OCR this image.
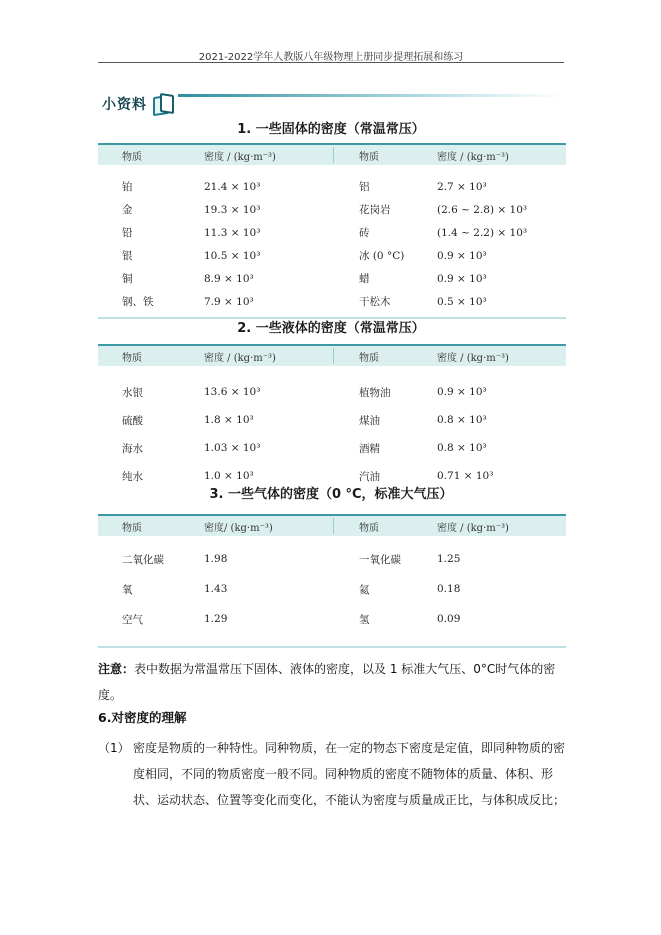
2021-2022学年人教版八年级物理上册同步提理拓展和练习
小资料
1. 一些固体的密度（常温常压）
物质	密度 / (kg·m⁻³)	物质	密度 / (kg·m⁻³)
铂	21.4 × 10³	铝	2.7 × 10³
金	19.3 × 10³	花岗岩	(2.6 ~ 2.8) × 10³
铅	11.3 × 10³	砖	(1.4 ~ 2.2) × 10³
银	10.5 × 10³	冰 (0 °C)	0.9 × 10³
铜	8.9 × 10³	蜡	0.9 × 10³
钢、铁	7.9 × 10³	干松木	0.5 × 10³
2. 一些液体的密度（常温常压）
物质	密度 / (kg·m⁻³)	物质	密度 / (kg·m⁻³)
水银	13.6 × 10³	植物油	0.9 × 10³
硫酸	1.8 × 10³	煤油	0.8 × 10³
海水	1.03 × 10³	酒精	0.8 × 10³
纯水	1.0 × 10³	汽油	0.71 × 10³
3. 一些气体的密度（0 °C，标准大气压）
物质	密度/ (kg·m⁻³)	物质	密度 / (kg·m⁻³)
二氧化碳	1.98	一氧化碳	1.25
氧	1.43	氦	0.18
空气	1.29	氢	0.09
注意：表中数据为常温常压下固体、液体的密度，以及 1 标准大气压、0°C时气体的密度。
6.对密度的理解
（1） 密度是物质的一种特性。同种物质，在一定的物态下密度是定值，即同种物质的密度相同，不同的物质密度一般不同。同种物质的密度不随物体的质量、体积、形状、运动状态、位置等变化而变化，不能认为密度与质量成正比，与体积成反比；
